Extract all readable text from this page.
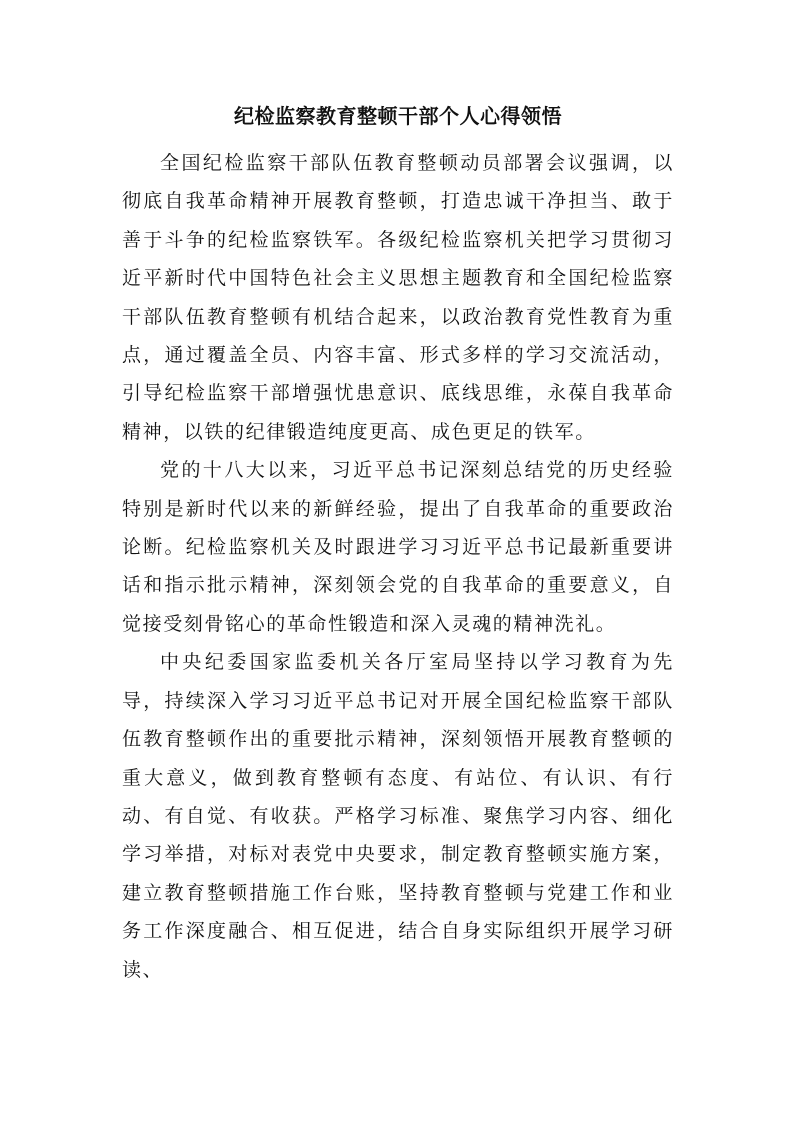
纪检监察教育整顿干部个人心得领悟

全国纪检监察干部队伍教育整顿动员部署会议强调，以彻底自我革命精神开展教育整顿，打造忠诚干净担当、敢于善于斗争的纪检监察铁军。各级纪检监察机关把学习贯彻习近平新时代中国特色社会主义思想主题教育和全国纪检监察干部队伍教育整顿有机结合起来，以政治教育党性教育为重点，通过覆盖全员、内容丰富、形式多样的学习交流活动，引导纪检监察干部增强忧患意识、底线思维，永葆自我革命精神，以铁的纪律锻造纯度更高、成色更足的铁军。

党的十八大以来，习近平总书记深刻总结党的历史经验特别是新时代以来的新鲜经验，提出了自我革命的重要政治论断。纪检监察机关及时跟进学习习近平总书记最新重要讲话和指示批示精神，深刻领会党的自我革命的重要意义，自觉接受刻骨铭心的革命性锻造和深入灵魂的精神洗礼。

中央纪委国家监委机关各厅室局坚持以学习教育为先导，持续深入学习习近平总书记对开展全国纪检监察干部队伍教育整顿作出的重要批示精神，深刻领悟开展教育整顿的重大意义，做到教育整顿有态度、有站位、有认识、有行动、有自觉、有收获。严格学习标准、聚焦学习内容、细化学习举措，对标对表党中央要求，制定教育整顿实施方案，建立教育整顿措施工作台账，坚持教育整顿与党建工作和业务工作深度融合、相互促进，结合自身实际组织开展学习研读、
